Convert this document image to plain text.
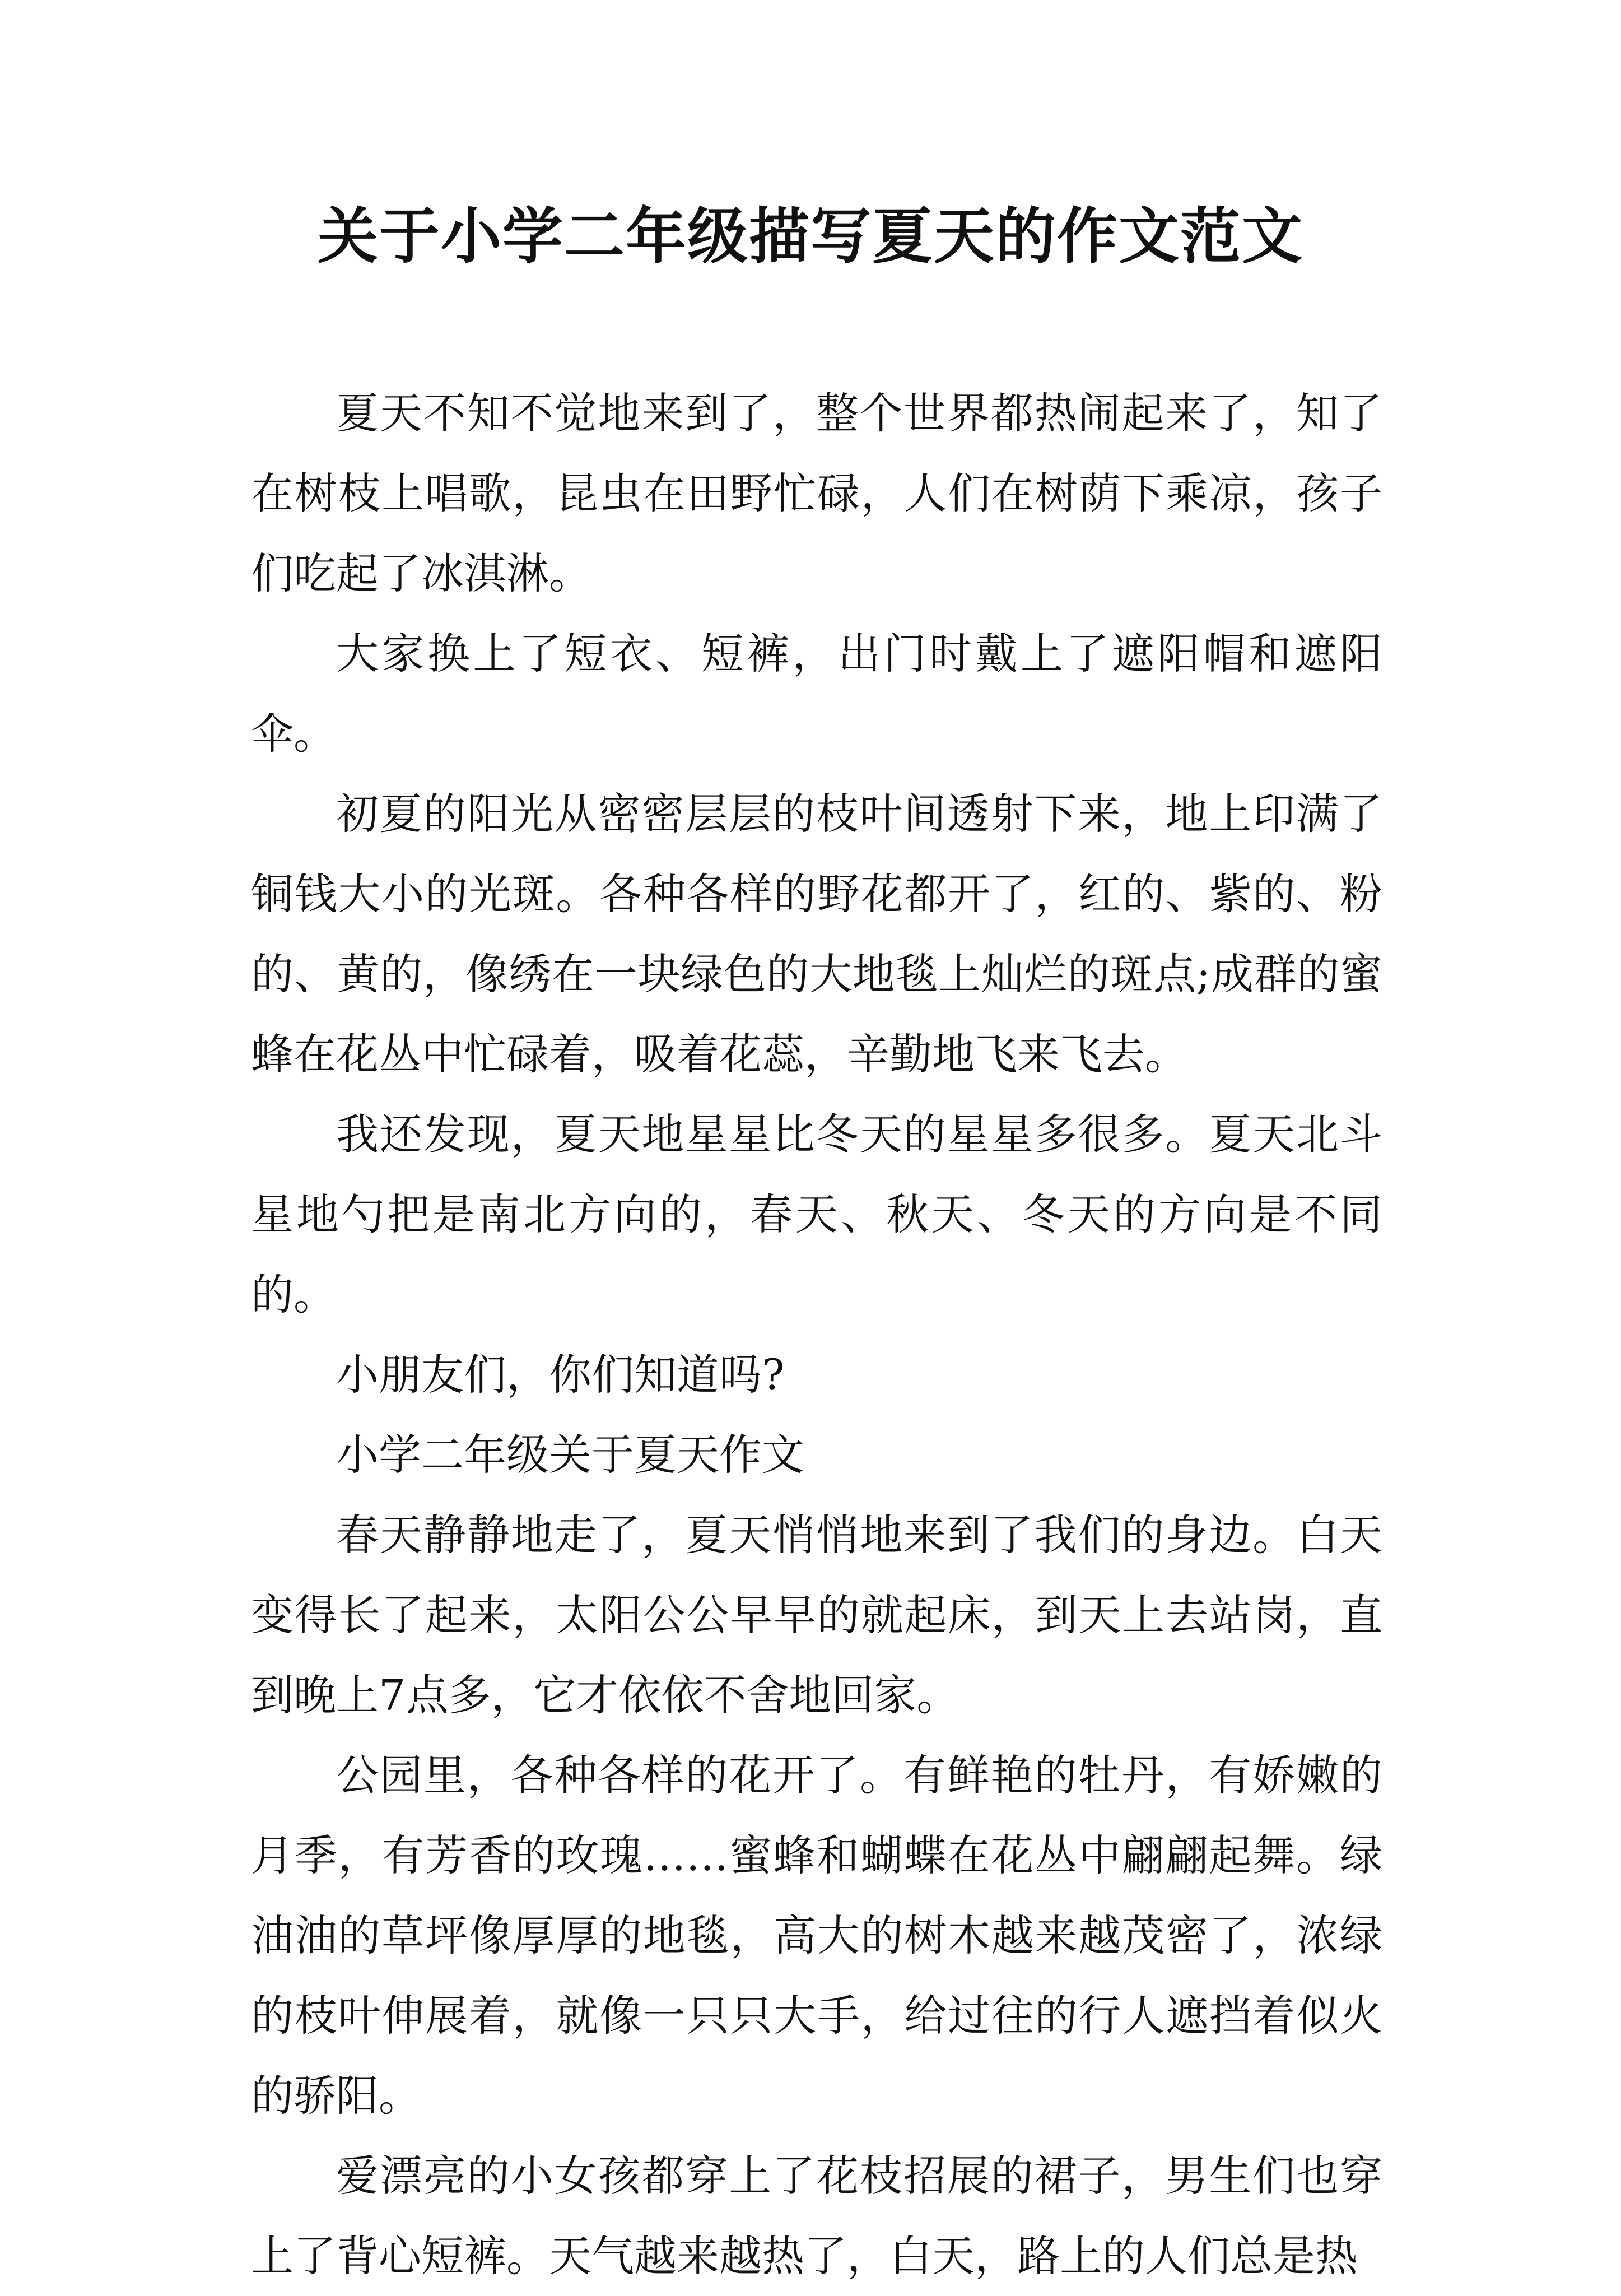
关于小学二年级描写夏天的作文范文

夏天不知不觉地来到了，整个世界都热闹起来了，知了在树枝上唱歌，昆虫在田野忙碌，人们在树荫下乘凉，孩子们吃起了冰淇淋。

大家换上了短衣、短裤，出门时戴上了遮阳帽和遮阳伞。

初夏的阳光从密密层层的枝叶间透射下来，地上印满了铜钱大小的光斑。各种各样的野花都开了，红的、紫的、粉的、黄的，像绣在一块绿色的大地毯上灿烂的斑点;成群的蜜蜂在花丛中忙碌着，吸着花蕊，辛勤地飞来飞去。

我还发现，夏天地星星比冬天的星星多很多。夏天北斗星地勺把是南北方向的，春天、秋天、冬天的方向是不同的。

小朋友们，你们知道吗?

小学二年级关于夏天作文

春天静静地走了，夏天悄悄地来到了我们的身边。白天变得长了起来，太阳公公早早的就起床，到天上去站岗，直到晚上7点多，它才依依不舍地回家。

公园里，各种各样的花开了。有鲜艳的牡丹，有娇嫩的月季，有芳香的玫瑰……蜜蜂和蝴蝶在花丛中翩翩起舞。绿油油的草坪像厚厚的地毯，高大的树木越来越茂密了，浓绿的枝叶伸展着，就像一只只大手，给过往的行人遮挡着似火的骄阳。

爱漂亮的小女孩都穿上了花枝招展的裙子，男生们也穿上了背心短裤。天气越来越热了，白天，路上的人们总是热
